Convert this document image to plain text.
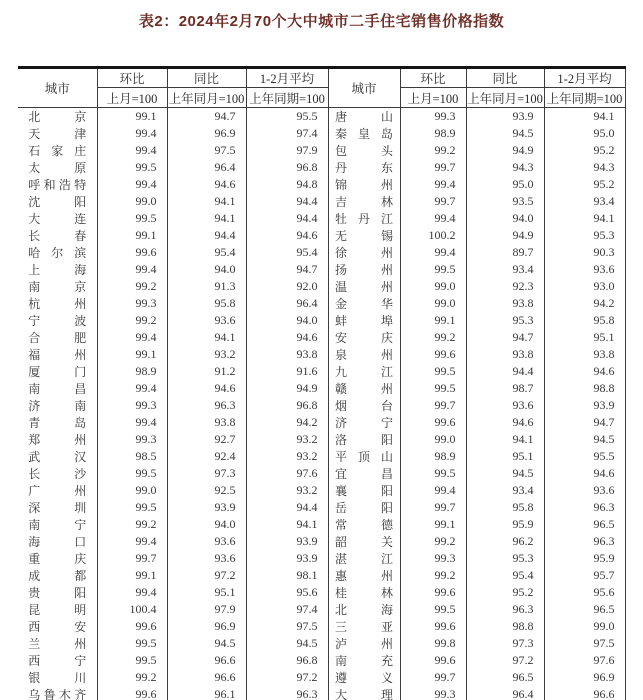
表2：2024年2月70个大中城市二手住宅销售价格指数
城市	环比	同比	1-2月平均	城市	环比	同比	1-2月平均
	上月=100	上年同月=100	上年同期=100		上月=100	上年同月=100	上年同期=100
北京	99.1	94.7	95.5	唐山	99.3	93.9	94.1
天津	99.4	96.9	97.4	秦皇岛	98.9	94.5	95.0
石家庄	99.4	97.5	97.9	包头	99.2	94.9	95.2
太原	99.5	96.4	96.8	丹东	99.7	94.3	94.3
呼和浩特	99.4	94.6	94.8	锦州	99.4	95.0	95.2
沈阳	99.0	94.1	94.4	吉林	99.7	93.5	93.4
大连	99.5	94.1	94.4	牡丹江	99.4	94.0	94.1
长春	99.1	94.4	94.6	无锡	100.2	94.9	95.3
哈尔滨	99.6	95.4	95.4	徐州	99.4	89.7	90.3
上海	99.4	94.0	94.7	扬州	99.5	93.4	93.6
南京	99.2	91.3	92.0	温州	99.0	92.3	93.0
杭州	99.3	95.8	96.4	金华	99.0	93.8	94.2
宁波	99.2	93.6	94.0	蚌埠	99.1	95.3	95.8
合肥	99.4	94.1	94.6	安庆	99.2	94.7	95.1
福州	99.1	93.2	93.8	泉州	99.6	93.8	93.8
厦门	98.9	91.2	91.6	九江	99.5	94.4	94.6
南昌	99.4	94.6	94.9	赣州	99.5	98.7	98.8
济南	99.3	96.3	96.8	烟台	99.7	93.6	93.9
青岛	99.4	93.8	94.2	济宁	99.6	94.6	94.7
郑州	99.3	92.7	93.2	洛阳	99.0	94.1	94.5
武汉	98.5	92.4	93.2	平顶山	98.9	95.1	95.5
长沙	99.5	97.3	97.6	宜昌	99.5	94.5	94.6
广州	99.0	92.5	93.2	襄阳	99.4	93.4	93.6
深圳	99.5	93.9	94.4	岳阳	99.7	95.8	96.3
南宁	99.2	94.0	94.1	常德	99.1	95.9	96.5
海口	99.4	93.6	93.9	韶关	99.2	96.2	96.3
重庆	99.7	93.6	93.9	湛江	99.3	95.3	95.9
成都	99.1	97.2	98.1	惠州	99.2	95.4	95.7
贵阳	99.4	95.1	95.6	桂林	99.6	95.2	95.6
昆明	100.4	97.9	97.4	北海	99.5	96.3	96.5
西安	99.6	96.9	97.5	三亚	99.6	98.8	99.0
兰州	99.5	94.5	94.5	泸州	99.8	97.3	97.5
西宁	99.5	96.6	96.8	南充	99.6	97.2	97.6
银川	99.2	96.6	97.2	遵义	99.7	96.5	96.9
乌鲁木齐	99.6	96.1	96.3	大理	99.3	96.4	96.6
